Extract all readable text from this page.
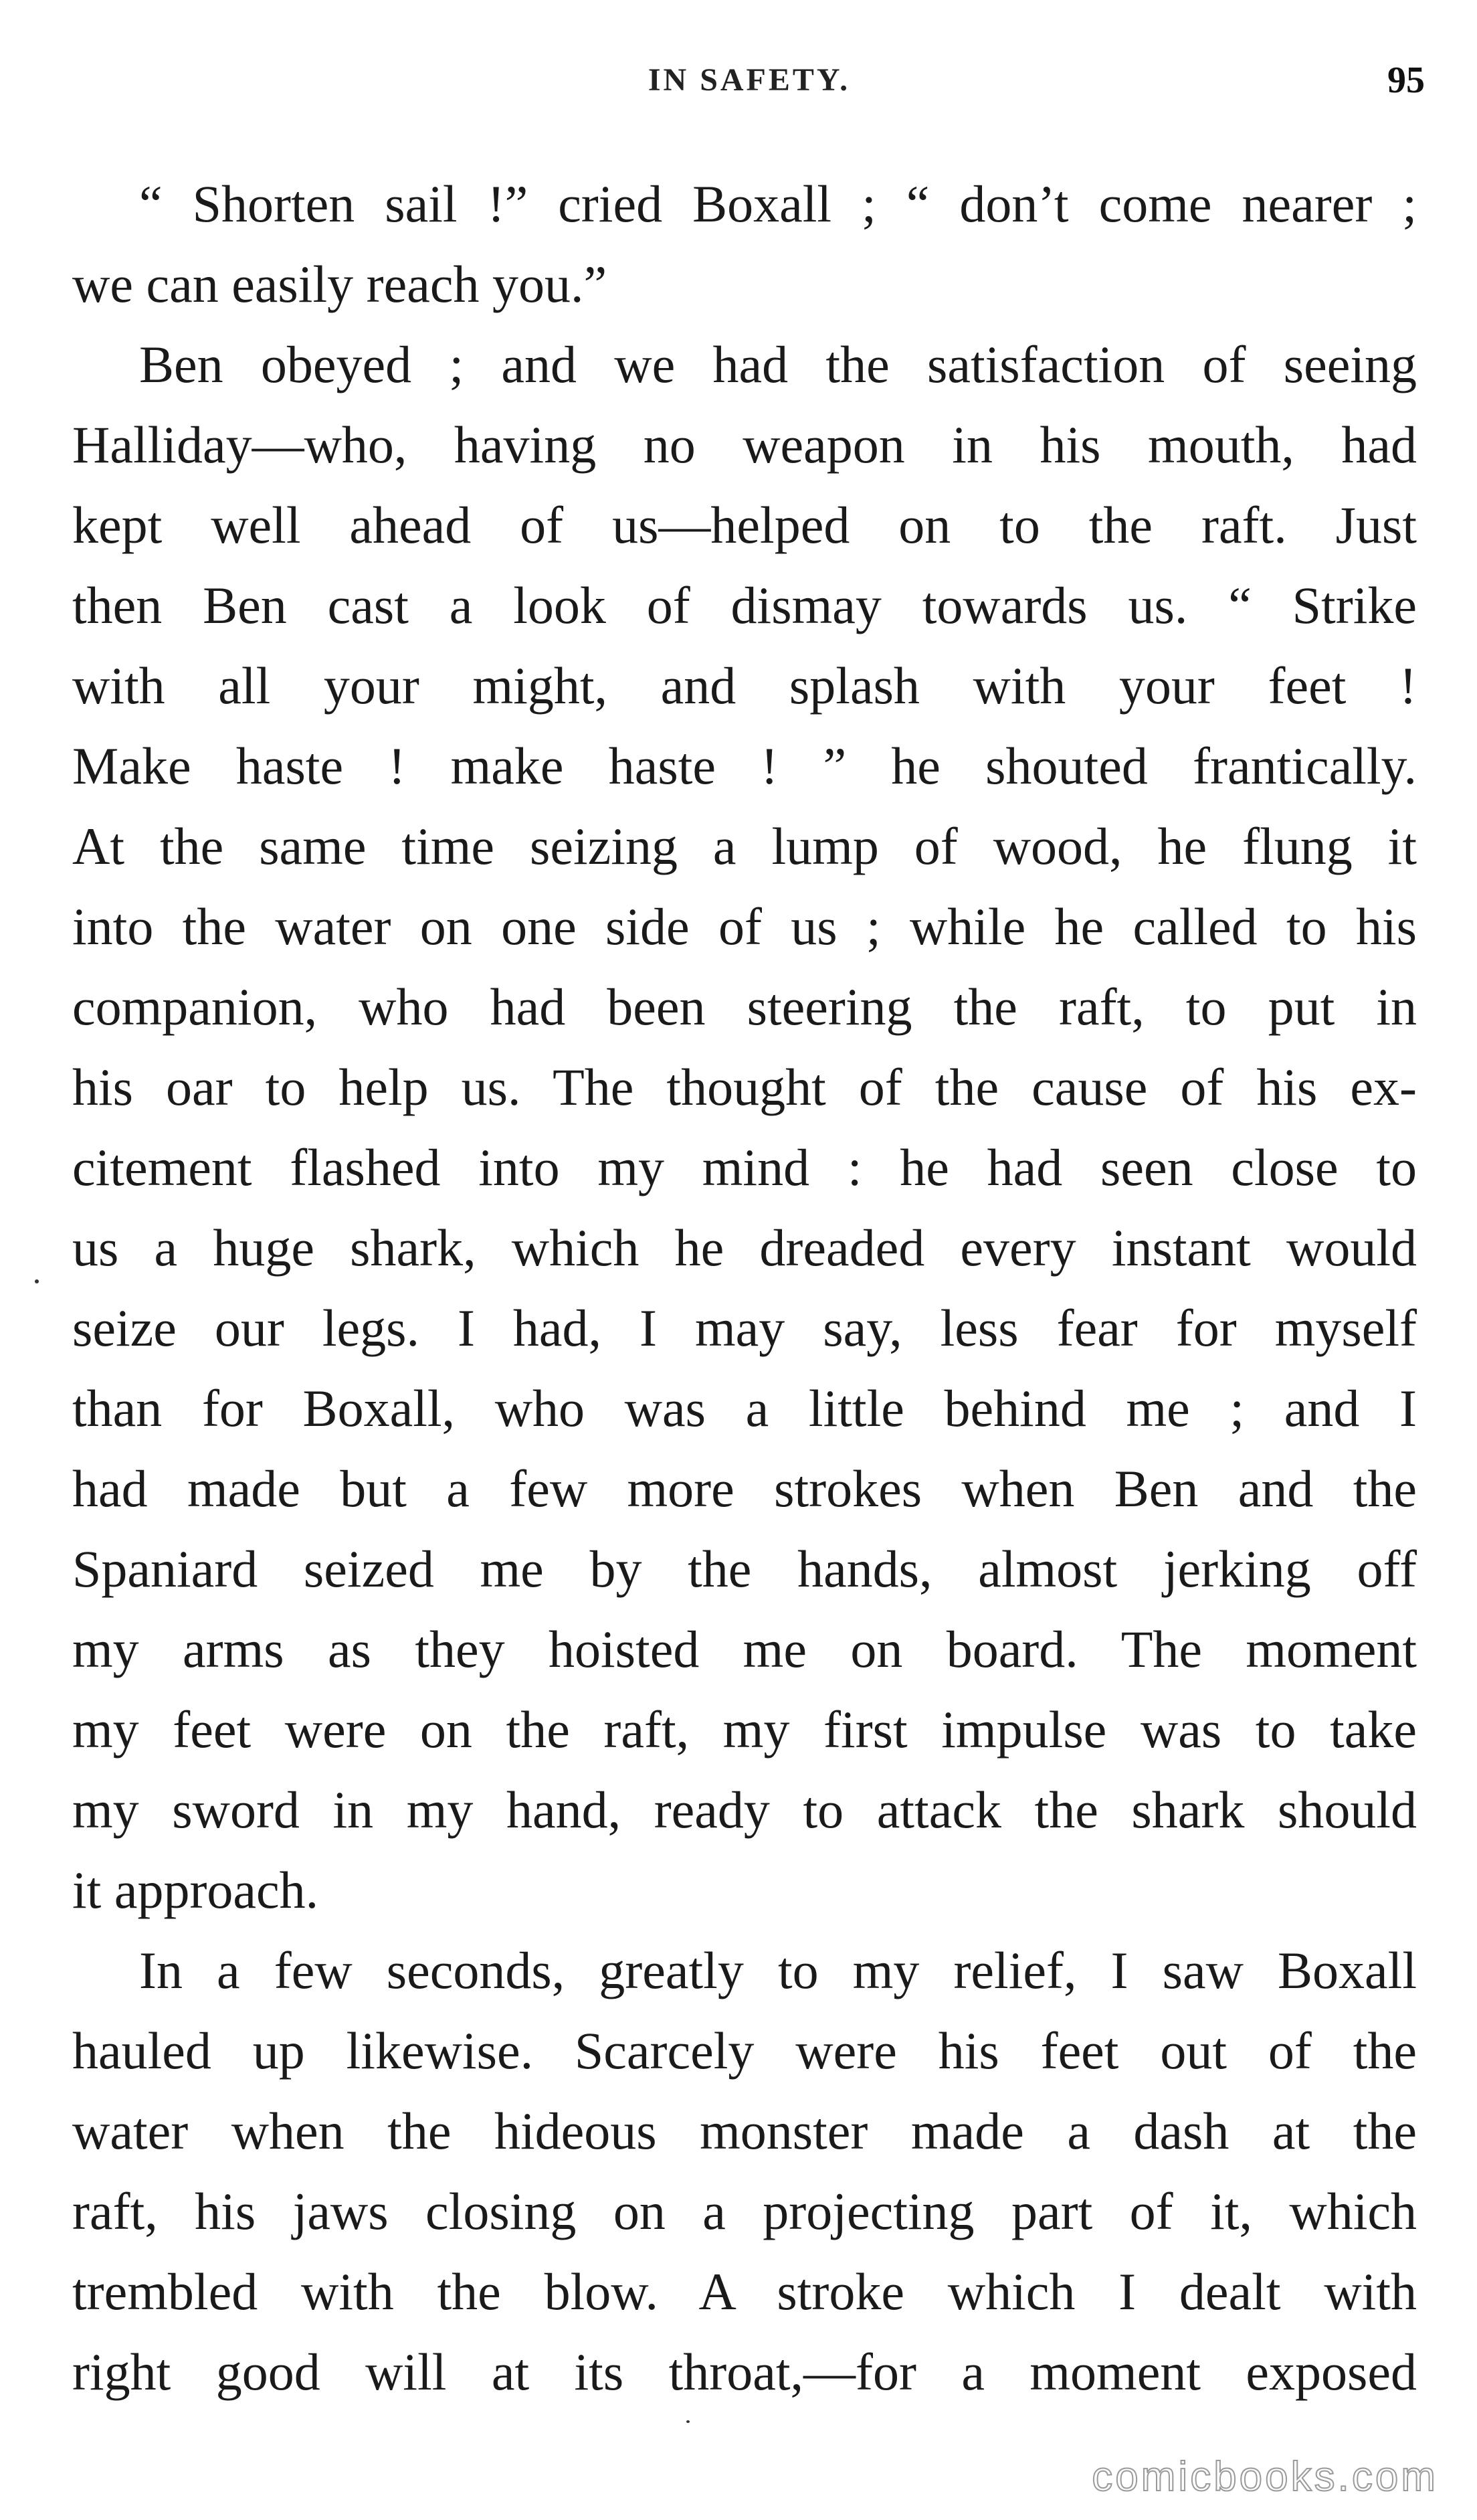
IN SAFETY.	95
“ Shorten sail !” cried Boxall ; “ don’t come nearer ;
we can easily reach you.”
Ben obeyed ; and we had the satisfaction of seeing
Halliday—who, having no weapon in his mouth, had
kept well ahead of us—helped on to the raft. Just
then Ben cast a look of dismay towards us. “ Strike
with all your might, and splash with your feet !
Make haste ! make haste ! ” he shouted frantically.
At the same time seizing a lump of wood, he flung it
into the water on one side of us ; while he called to his
companion, who had been steering the raft, to put in
his oar to help us. The thought of the cause of his ex-
citement flashed into my mind : he had seen close to
us a huge shark, which he dreaded every instant would
seize our legs. I had, I may say, less fear for myself
than for Boxall, who was a little behind me ; and I
had made but a few more strokes when Ben and the
Spaniard seized me by the hands, almost jerking off
my arms as they hoisted me on board. The moment
my feet were on the raft, my first impulse was to take
my sword in my hand, ready to attack the shark should
it approach.
In a few seconds, greatly to my relief, I saw Boxall
hauled up likewise. Scarcely were his feet out of the
water when the hideous monster made a dash at the
raft, his jaws closing on a projecting part of it, which
trembled with the blow. A stroke which I dealt with
right good will at its throat,—for a moment exposed
comicbooks.com
